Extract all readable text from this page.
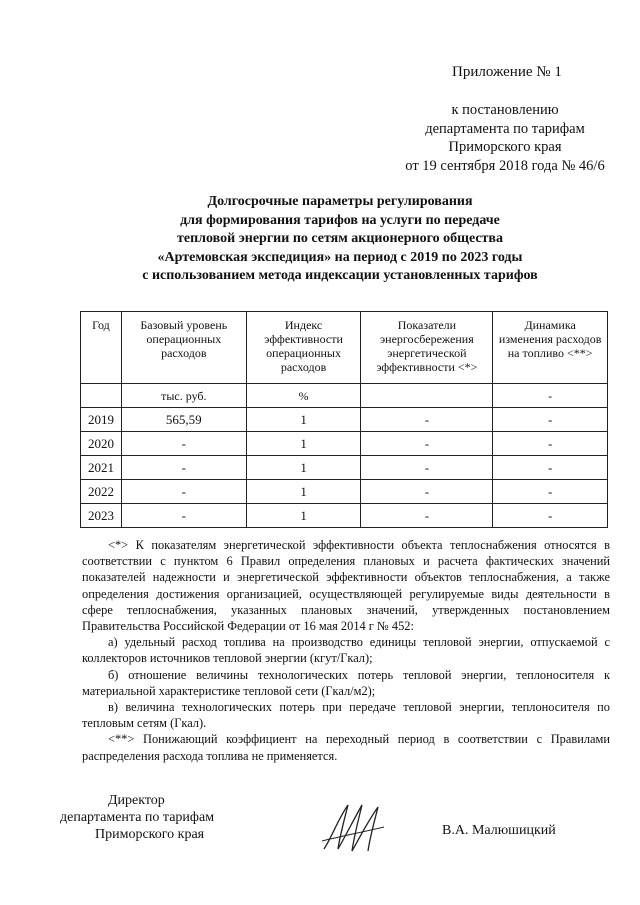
Приложение № 1
к постановлению
департамента по тарифам
Приморского края
от 19 сентября 2018 года № 46/6
Долгосрочные параметры регулирования
для формирования тарифов на услуги по передаче
тепловой энергии по сетям акционерного общества
«Артемовская экспедиция» на период с 2019 по 2023 годы
с использованием метода индексации установленных тарифов
Год	Базовый уровень операционных расходов	Индекс эффективности операционных расходов	Показатели энергосбережения энергетической эффективности <*>	Динамика изменения расходов на топливо <**>
	тыс. руб.	%		-
2019	565,59	1	-	-
2020	-	1	-	-
2021	-	1	-	-
2022	-	1	-	-
2023	-	1	-	-

<*> К показателям энергетической эффективности объекта теплоснабжения относятся в соответствии с пунктом 6 Правил определения плановых и расчета фактических значений показателей надежности и энергетической эффективности объектов теплоснабжения, а также определения достижения организацией, осуществляющей регулируемые виды деятельности в сфере теплоснабжения, указанных плановых значений, утвержденных постановлением Правительства Российской Федерации от 16 мая 2014 г № 452:

а) удельный расход топлива на производство единицы тепловой энергии, отпускаемой с коллекторов источников тепловой энергии (кгут/Гкал);

б) отношение величины технологических потерь тепловой энергии, теплоносителя к материальной характеристике тепловой сети (Гкал/м2);

в) величина технологических потерь при передаче тепловой энергии, теплоносителя по тепловым сетям (Гкал).

<**> Понижающий коэффициент на переходный период в соответствии с Правилами распределения расхода топлива не применяется.

Директор
департамента по тарифам
Приморского края	В.А. Малюшицкий
